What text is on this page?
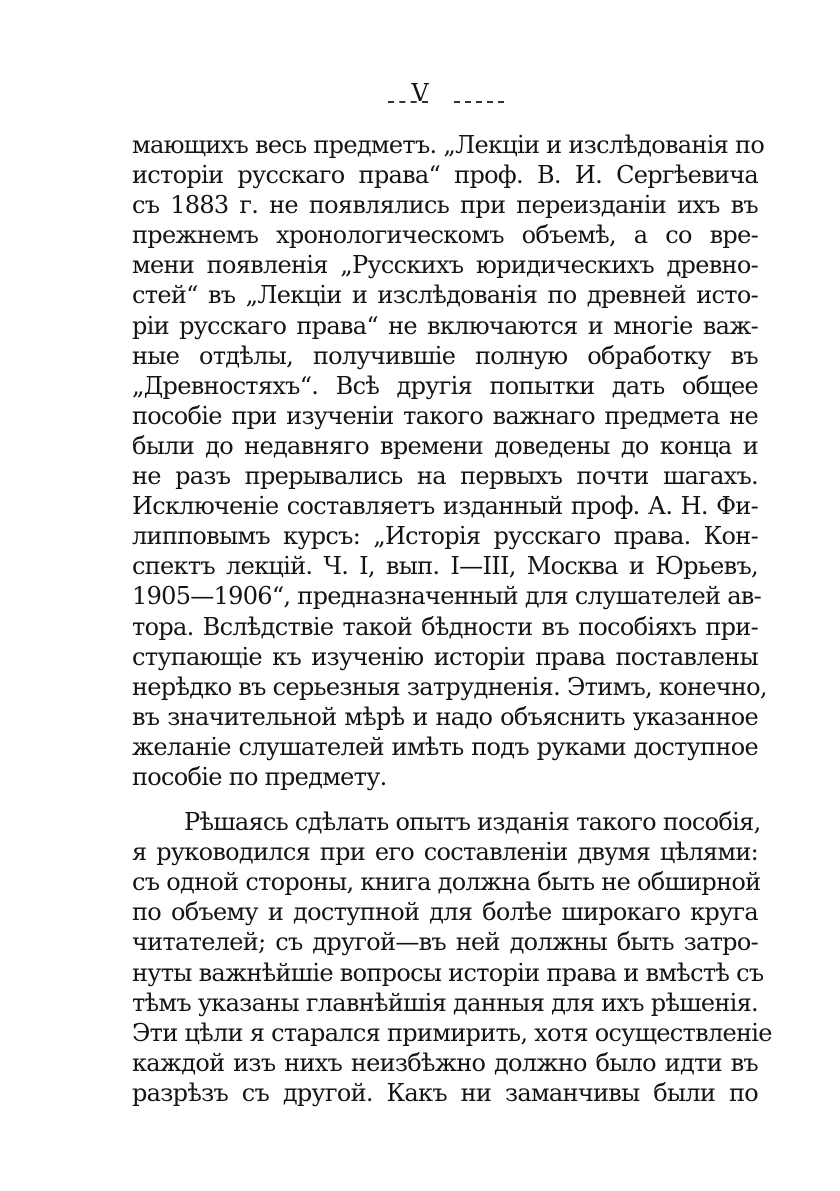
V
мающихъ весь предметъ. „Лекціи и изслѣдованія по
исторіи русскаго права“ проф. В. И. Сергѣевича
съ 1883 г. не появлялись при переизданіи ихъ въ
прежнемъ хронологическомъ объемѣ, а со вре-
мени появленія „Русскихъ юридическихъ древно-
стей“ въ „Лекціи и изслѣдованія по древней исто-
ріи русскаго права“ не включаются и многіе важ-
ные отдѣлы, получившіе полную обработку въ
„Древностяхъ“. Всѣ другія попытки дать общее
пособіе при изученіи такого важнаго предмета не
были до недавняго времени доведены до конца и
не разъ прерывались на первыхъ почти шагахъ.
Исключеніе составляетъ изданный проф. А. Н. Фи-
липповымъ курсъ: „Исторія русскаго права. Кон-
спектъ лекцій. Ч. I, вып. I—III, Москва и Юрьевъ,
1905—1906“, предназначенный для слушателей ав-
тора. Вслѣдствіе такой бѣдности въ пособіяхъ при-
ступающіе къ изученію исторіи права поставлены
нерѣдко въ серьезныя затрудненія. Этимъ, конечно,
въ значительной мѣрѣ и надо объяснить указанное
желаніе слушателей имѣть подъ руками доступное
пособіе по предмету.
Рѣшаясь сдѣлать опытъ изданія такого пособія,
я руководился при его составленіи двумя цѣлями:
съ одной стороны, книга должна быть не обширной
по объему и доступной для болѣе широкаго круга
читателей; съ другой—въ ней должны быть затро-
нуты важнѣйшіе вопросы исторіи права и вмѣстѣ съ
тѣмъ указаны главнѣйшія данныя для ихъ рѣшенія.
Эти цѣли я старался примирить, хотя осуществленіе
каждой изъ нихъ неизбѣжно должно было идти въ
разрѣзъ съ другой. Какъ ни заманчивы были по
